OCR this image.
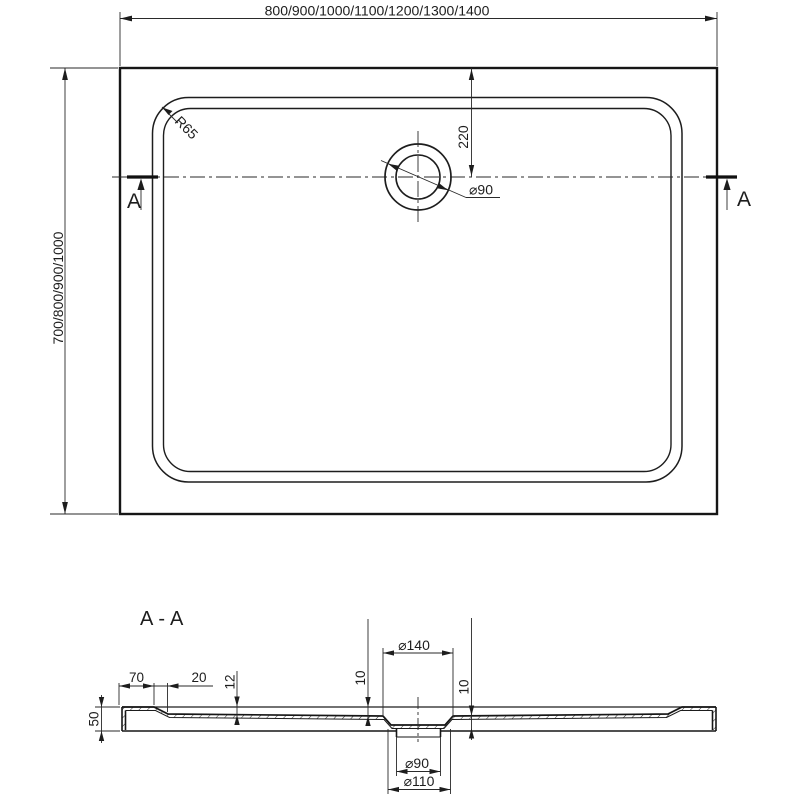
800/900/1000/1100/1200/1300/1400
700/800/900/1000
220
R65
⌀90
A	A
A-A
70	20 12	10
10
50
⌀140
⌀90
⌀110
